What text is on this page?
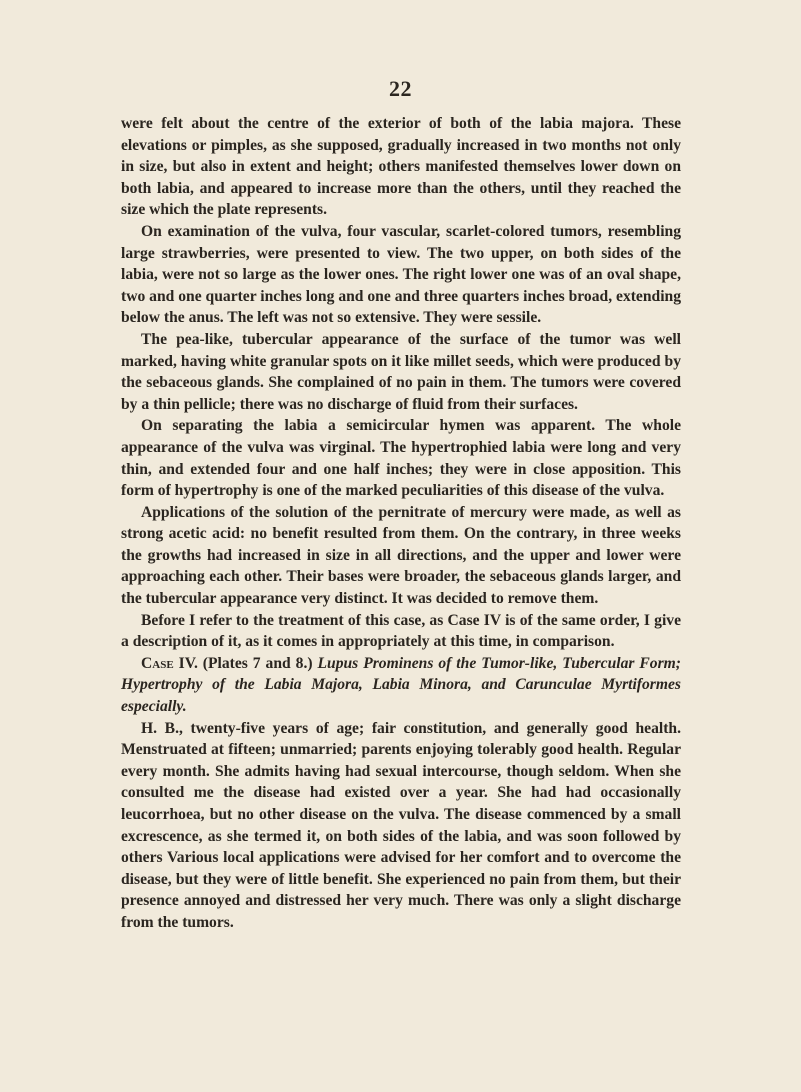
22

were felt about the centre of the exterior of both of the labia majora. These elevations or pimples, as she supposed, gradually increased in two months not only in size, but also in extent and height; others manifested themselves lower down on both labia, and appeared to increase more than the others, until they reached the size which the plate represents.

On examination of the vulva, four vascular, scarlet-colored tumors, resembling large strawberries, were presented to view. The two upper, on both sides of the labia, were not so large as the lower ones. The right lower one was of an oval shape, two and one quarter inches long and one and three quarters inches broad, extending below the anus. The left was not so extensive. They were sessile.

The pea-like, tubercular appearance of the surface of the tumor was well marked, having white granular spots on it like millet seeds, which were produced by the sebaceous glands. She complained of no pain in them. The tumors were covered by a thin pellicle; there was no discharge of fluid from their surfaces.

On separating the labia a semicircular hymen was apparent. The whole appearance of the vulva was virginal. The hypertrophied labia were long and very thin, and extended four and one half inches; they were in close apposition. This form of hypertrophy is one of the marked peculiarities of this disease of the vulva.

Applications of the solution of the pernitrate of mercury were made, as well as strong acetic acid: no benefit resulted from them. On the contrary, in three weeks the growths had increased in size in all directions, and the upper and lower were approaching each other. Their bases were broader, the sebaceous glands larger, and the tubercular appearance very distinct. It was decided to remove them.

Before I refer to the treatment of this case, as Case IV is of the same order, I give a description of it, as it comes in appropriately at this time, in comparison.

Case IV. (Plates 7 and 8.) Lupus Prominens of the Tumor-like, Tubercular Form; Hypertrophy of the Labia Majora, Labia Minora, and Carunculae Myrtiformes especially.

H. B., twenty-five years of age; fair constitution, and generally good health. Menstruated at fifteen; unmarried; parents enjoying tolerably good health. Regular every month. She admits having had sexual intercourse, though seldom. When she consulted me the disease had existed over a year. She had had occasionally leucorrhoea, but no other disease on the vulva. The disease commenced by a small excrescence, as she termed it, on both sides of the labia, and was soon followed by others Various local applications were advised for her comfort and to overcome the disease, but they were of little benefit. She experienced no pain from them, but their presence annoyed and distressed her very much. There was only a slight discharge from the tumors.
